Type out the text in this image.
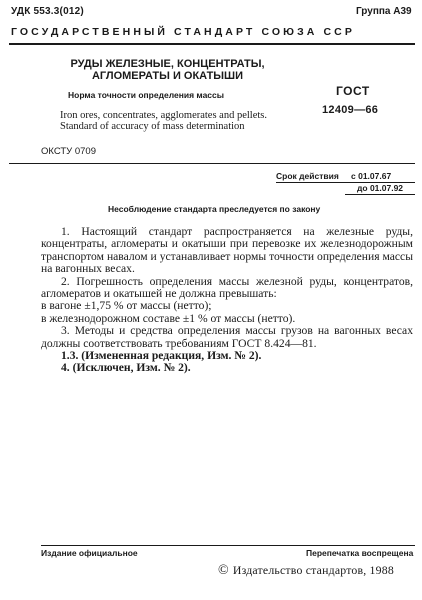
УДК 553.3(012)	Группа А39
ГОСУДАРСТВЕННЫЙ СТАНДАРТ СОЮЗА ССР
РУДЫ ЖЕЛЕЗНЫЕ, КОНЦЕНТРАТЫ,
АГЛОМЕРАТЫ И ОКАТЫШИ
Норма точности определения массы
Iron ores, concentrates, agglomerates and pellets.
Standard of accuracy of mass determination
ГОСТ
12409—66
ОКСТУ 0709
Срок действия с 01.07.67
до 01.07.92
Несоблюдение стандарта преследуется по закону

1. Настоящий стандарт распространяется на железные руды, концентраты, агломераты и окатыши при перевозке их железнодорожным транспортом навалом и устанавливает нормы точности определения массы на вагонных весах.

2. Погрешность определения массы железной руды, концентратов, агломератов и окатышей не должна превышать:

в вагоне ±1,75 % от массы (нетто);

в железнодорожном составе ±1 % от массы (нетто).

3. Методы и средства определения массы грузов на вагонных весах должны соответствовать требованиям ГОСТ 8.424—81.

1.3. (Измененная редакция, Изм. № 2).

4. (Исключен, Изм. № 2).

Издание официальное	Перепечатка воспрещена
© Издательство стандартов, 1988
